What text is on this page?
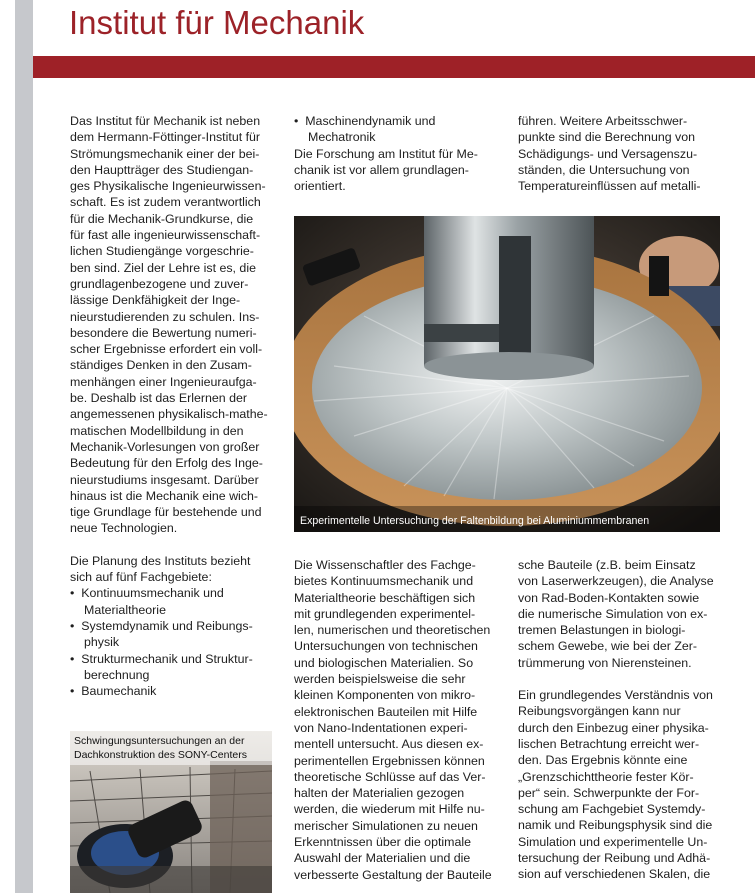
Institut für Mechanik

Das Institut für Mechanik ist neben
dem Hermann-Föttinger-Institut für
Strömungsmechanik einer der bei-
den Hauptträger des Studiengan-
ges Physikalische Ingenieurwissen-
schaft. Es ist zudem verantwortlich
für die Mechanik-Grundkurse, die
für fast alle ingenieurwissenschaft-
lichen Studiengänge vorgeschrie-
ben sind. Ziel der Lehre ist es, die
grundlagenbezogene und zuver-
lässige Denkfähigkeit der Inge-
nieurstudierenden zu schulen. Ins-
besondere die Bewertung numeri-
scher Ergebnisse erfordert ein voll-
ständiges Denken in den Zusam-
menhängen einer Ingenieuraufga-
be. Deshalb ist das Erlernen der
angemessenen physikalisch-mathe-
matischen Modellbildung in den
Mechanik-Vorlesungen von großer
Bedeutung für den Erfolg des Inge-
nieurstudiums insgesamt. Darüber
hinaus ist die Mechanik eine wich-
tige Grundlage für bestehende und
neue Technologien.

Die Planung des Instituts bezieht
sich auf fünf Fachgebiete:

• Kontinuumsmechanik und
Materialtheorie
• Systemdynamik und Reibungs-
physik
• Strukturmechanik und Struktur-
berechnung
• Baumechanik
• Maschinendynamik und
Mechatronik
Die Forschung am Institut für Me-
chanik ist vor allem grundlagen-
orientiert.
führen. Weitere Arbeitsschwer-
punkte sind die Berechnung von
Schädigungs- und Versagenszu-
ständen, die Untersuchung von
Temperatureinflüssen auf metalli-
Experimentelle Untersuchung der Faltenbildung bei Aluminiummembranen
Schwingungsuntersuchungen an der
Dachkonstruktion des SONY-Centers
Die Wissenschaftler des Fachge-
bietes Kontinuumsmechanik und
Materialtheorie beschäftigen sich
mit grundlegenden experimentel-
len, numerischen und theoretischen
Untersuchungen von technischen
und biologischen Materialien. So
werden beispielsweise die sehr
kleinen Komponenten von mikro-
elektronischen Bauteilen mit Hilfe
von Nano-Indentationen experi-
mentell untersucht. Aus diesen ex-
perimentellen Ergebnissen können
theoretische Schlüsse auf das Ver-
halten der Materialien gezogen
werden, die wiederum mit Hilfe nu-
merischer Simulationen zu neuen
Erkenntnissen über die optimale
Auswahl der Materialien und die
verbesserte Gestaltung der Bauteile
sche Bauteile (z.B. beim Einsatz
von Laserwerkzeugen), die Analyse
von Rad-Boden-Kontakten sowie
die numerische Simulation von ex-
tremen Belastungen in biologi-
schem Gewebe, wie bei der Zer-
trümmerung von Nierensteinen.
Ein grundlegendes Verständnis von
Reibungsvorgängen kann nur
durch den Einbezug einer physika-
lischen Betrachtung erreicht wer-
den. Das Ergebnis könnte eine
„Grenzschichttheorie fester Kör-
per“ sein. Schwerpunkte der For-
schung am Fachgebiet Systemdy-
namik und Reibungsphysik sind die
Simulation und experimentelle Un-
tersuchung der Reibung und Adhä-
sion auf verschiedenen Skalen, die
